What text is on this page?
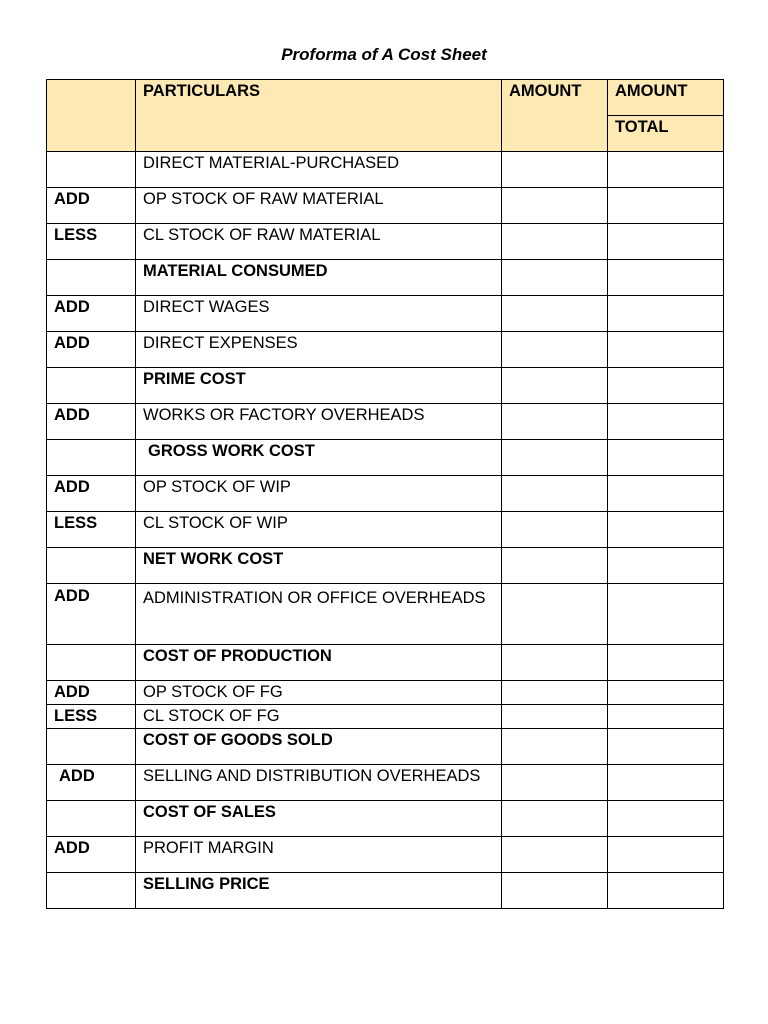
Proforma of A Cost Sheet
	PARTICULARS	AMOUNT	AMOUNT
			TOTAL
	DIRECT MATERIAL-PURCHASED		
ADD	OP STOCK OF RAW MATERIAL		
LESS	CL STOCK OF RAW MATERIAL		
	MATERIAL CONSUMED		
ADD	DIRECT WAGES		
ADD	DIRECT EXPENSES		
	PRIME COST		
ADD	WORKS OR FACTORY OVERHEADS		
	GROSS WORK COST		
ADD	OP STOCK OF WIP		
LESS	CL STOCK OF WIP		
	NET WORK COST		
ADD	ADMINISTRATION OR OFFICE OVERHEADS		
	COST OF PRODUCTION		
ADD	OP STOCK OF FG		
LESS	CL STOCK OF FG		
	COST OF GOODS SOLD		
ADD	SELLING AND DISTRIBUTION OVERHEADS		
	COST OF SALES		
ADD	PROFIT MARGIN		
	SELLING PRICE		
